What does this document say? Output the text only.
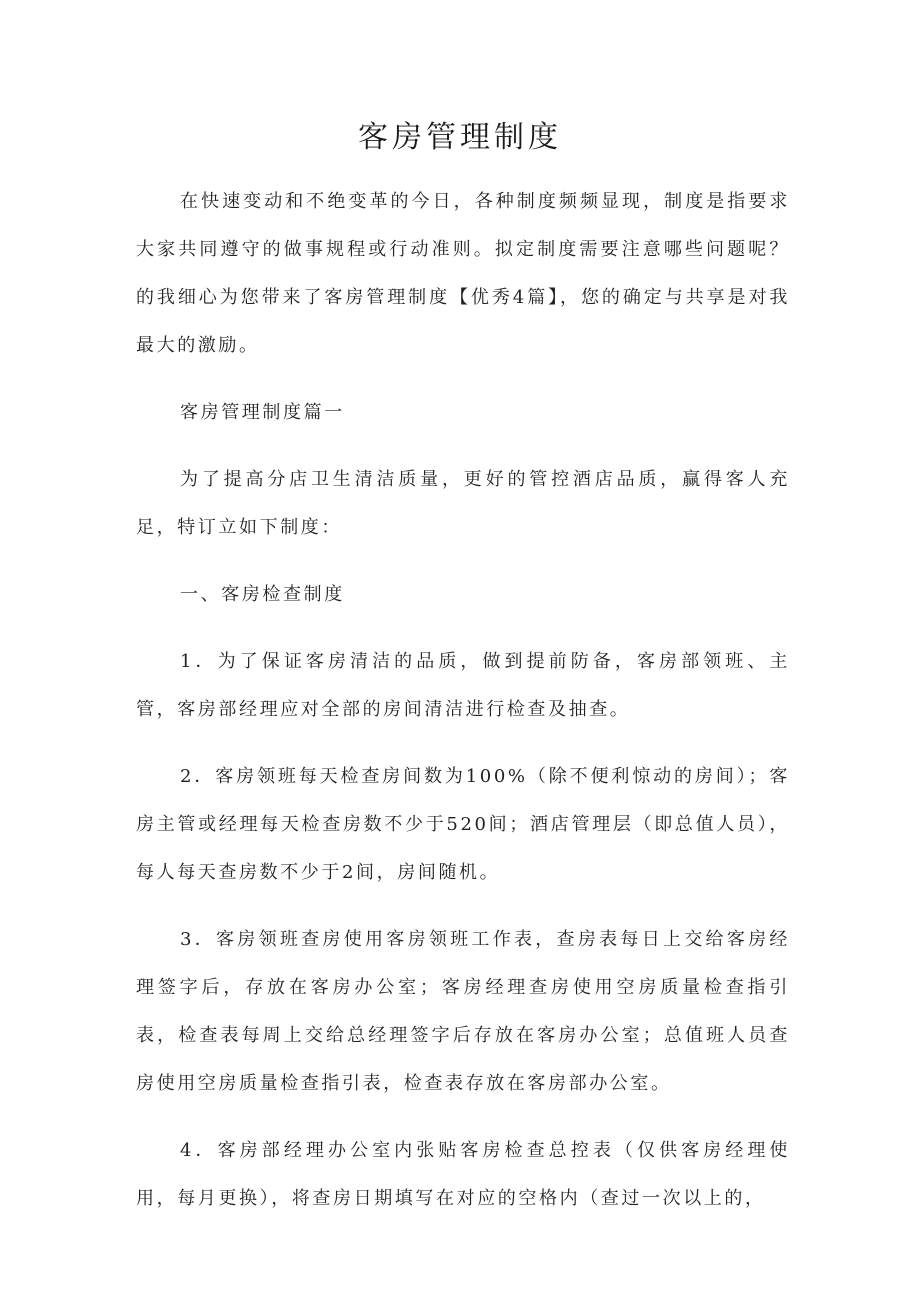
客房管理制度

在快速变动和不绝变革的今日，各种制度频频显现，制度是指要求大家共同遵守的做事规程或行动准则。拟定制度需要注意哪些问题呢？的我细心为您带来了客房管理制度【优秀4篇】，您的确定与共享是对我最大的激励。

客房管理制度篇一

为了提高分店卫生清洁质量，更好的管控酒店品质，赢得客人充足，特订立如下制度：

一、客房检查制度

1．为了保证客房清洁的品质，做到提前防备，客房部领班、主管，客房部经理应对全部的房间清洁进行检查及抽查。

2．客房领班每天检查房间数为100%（除不便利惊动的房间）；客房主管或经理每天检查房数不少于520间；酒店管理层（即总值人员），每人每天查房数不少于2间，房间随机。

3．客房领班查房使用客房领班工作表，查房表每日上交给客房经理签字后，存放在客房办公室；客房经理查房使用空房质量检查指引表，检查表每周上交给总经理签字后存放在客房办公室；总值班人员查房使用空房质量检查指引表，检查表存放在客房部办公室。

4．客房部经理办公室内张贴客房检查总控表（仅供客房经理使用，每月更换），将查房日期填写在对应的空格内（查过一次以上的，
